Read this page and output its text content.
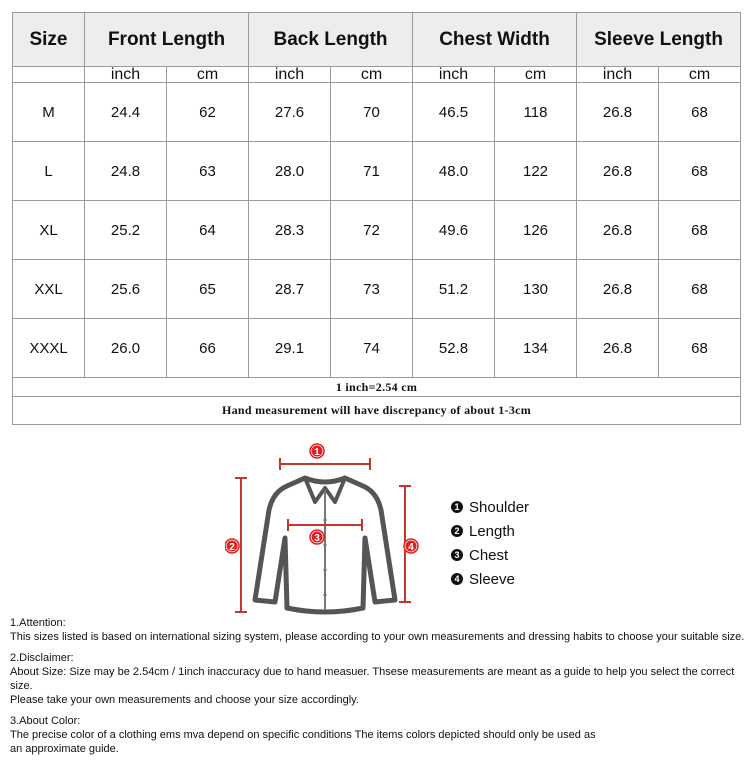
Size	Front Length		Back Length		Chest Width		Sleeve Length	
	inch	cm	inch	cm	inch	cm	inch	cm
M	24.4	62	27.6	70	46.5	118	26.8	68
L	24.8	63	28.0	71	48.0	122	26.8	68
XL	25.2	64	28.3	72	49.6	126	26.8	68
XXL	25.6	65	28.7	73	51.2	130	26.8	68
XXXL	26.0	66	29.1	74	52.8	134	26.8	68
1 inch=2.54 cm								
Hand measurement will have discrepancy of about 1-3cm								
1
2
3
4
1 Shoulder
2 Length
3 Chest
4 Sleeve

1.Attention:

This sizes listed is based on international sizing system, please according to your own measurements and dressing habits to choose your suitable size.

2.Disclaimer:

About Size: Size may be 2.54cm / 1inch inaccuracy due to hand measuer. Thsese measurements are meant as a guide to help you select the correct size.

Please take your own measurements and choose your size accordingly.

3.About Color:

The precise color of a clothing ems mva depend on specific conditions The items colors depicted should only be used as

an approximate guide.
